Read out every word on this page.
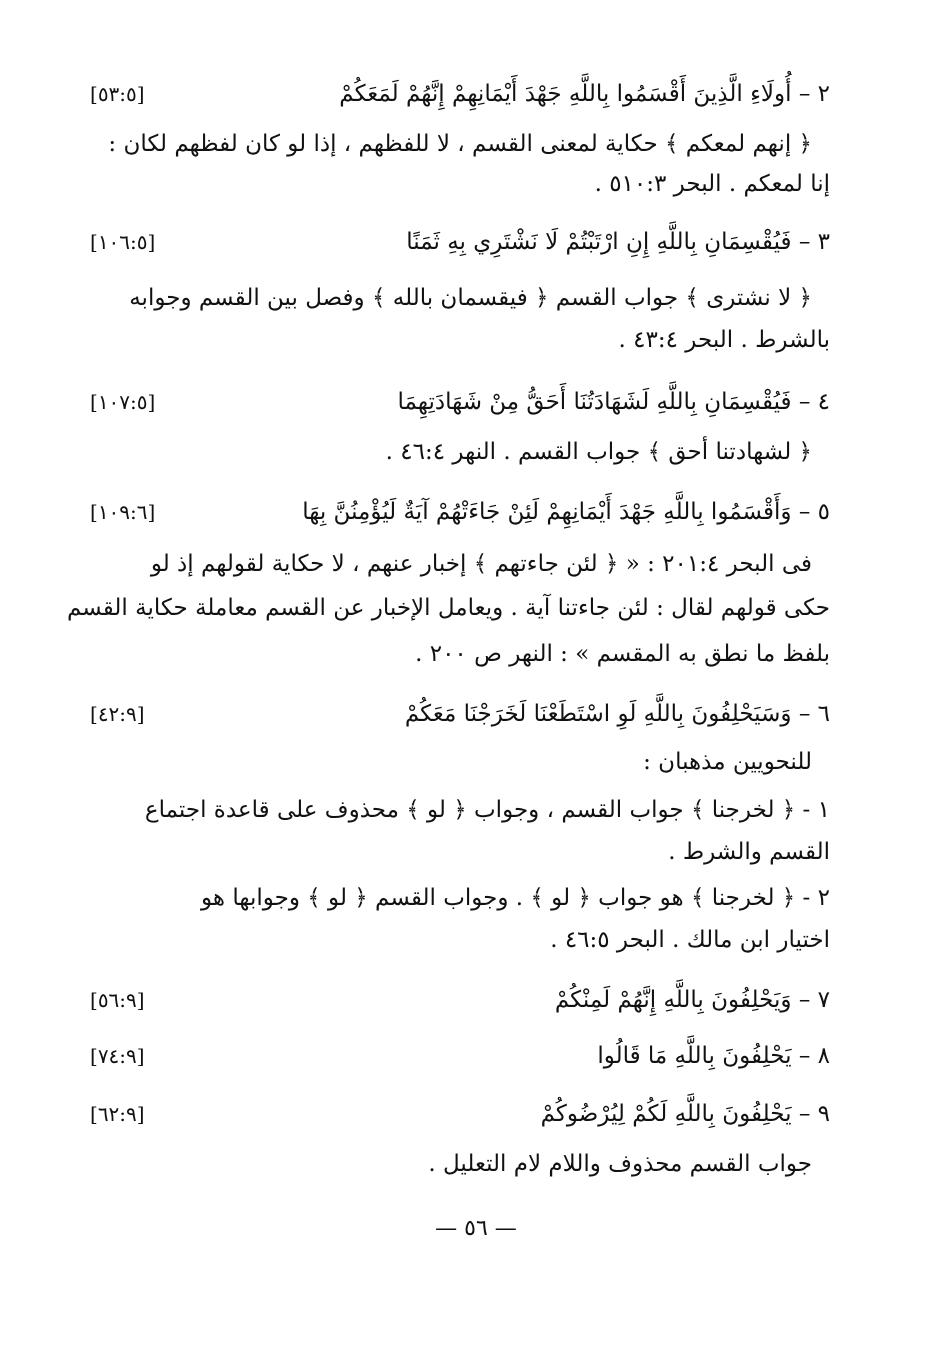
٢ – أُولَاءِ الَّذِينَ أَقْسَمُوا بِاللَّهِ جَهْدَ أَيْمَانِهِمْ إِنَّهُمْ لَمَعَكُمْ
[٥٣:٥]
﴿ إنهم لمعكم ﴾ حكاية لمعنى القسم ، لا للفظهم ، إذا لو كان لفظهم لكان :
إنا لمعكم . البحر ٥١٠:٣ .
٣ – فَيُقْسِمَانِ بِاللَّهِ إِنِ ارْتَبْتُمْ لَا نَشْتَرِي بِهِ ثَمَنًا
[١٠٦:٥]
﴿ لا نشترى ﴾ جواب القسم ﴿ فيقسمان بالله ﴾ وفصل بين القسم وجوابه
بالشرط . البحر ٤٣:٤ .
٤ – فَيُقْسِمَانِ بِاللَّهِ لَشَهَادَتُنَا أَحَقُّ مِنْ شَهَادَتِهِمَا
[١٠٧:٥]
﴿ لشهادتنا أحق ﴾ جواب القسم . النهر ٤٦:٤ .
٥ – وَأَقْسَمُوا بِاللَّهِ جَهْدَ أَيْمَانِهِمْ لَئِنْ جَاءَتْهُمْ آيَةٌ لَيُؤْمِنُنَّ بِهَا
[١٠٩:٦]
فى البحر ٢٠١:٤ : « ﴿ لئن جاءتهم ﴾ إخبار عنهم ، لا حكاية لقولهم إذ لو
حكى قولهم لقال : لئن جاءتنا آية . ويعامل الإخبار عن القسم معاملة حكاية القسم
بلفظ ما نطق به المقسم » : النهر ص ٢٠٠ .
٦ – وَسَيَحْلِفُونَ بِاللَّهِ لَوِ اسْتَطَعْنَا لَخَرَجْنَا مَعَكُمْ
[٤٢:٩]
للنحويين مذهبان :
١ - ﴿ لخرجنا ﴾ جواب القسم ، وجواب ﴿ لو ﴾ محذوف على قاعدة اجتماع
القسم والشرط .
٢ - ﴿ لخرجنا ﴾ هو جواب ﴿ لو ﴾ . وجواب القسم ﴿ لو ﴾ وجوابها هو
اختيار ابن مالك . البحر ٤٦:٥ .
٧ – وَيَحْلِفُونَ بِاللَّهِ إِنَّهُمْ لَمِنْكُمْ
[٥٦:٩]
٨ – يَحْلِفُونَ بِاللَّهِ مَا قَالُوا
[٧٤:٩]
٩ – يَحْلِفُونَ بِاللَّهِ لَكُمْ لِيُرْضُوكُمْ
[٦٢:٩]
جواب القسم محذوف واللام لام التعليل .
— ٥٦ —
